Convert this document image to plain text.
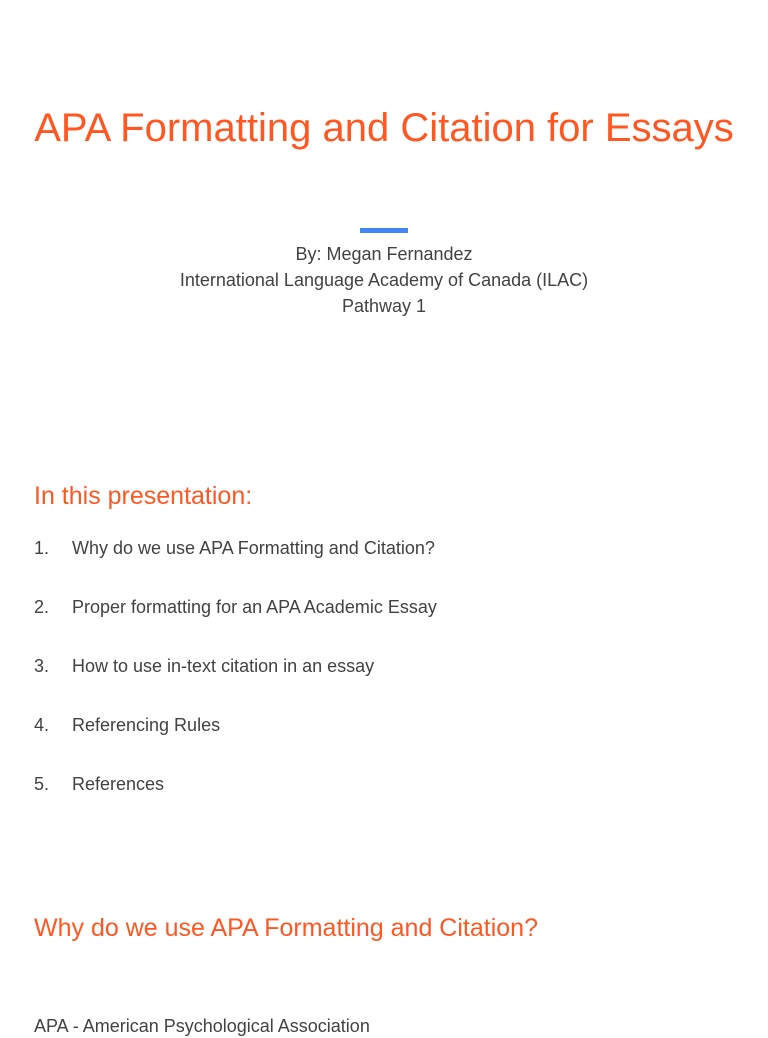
APA Formatting and Citation for Essays
By: Megan Fernandez
International Language Academy of Canada (ILAC)
Pathway 1
In this presentation:
1. Why do we use APA Formatting and Citation?
2. Proper formatting for an APA Academic Essay
3. How to use in-text citation in an essay
4. Referencing Rules
5. References
Why do we use APA Formatting and Citation?
APA - American Psychological Association
